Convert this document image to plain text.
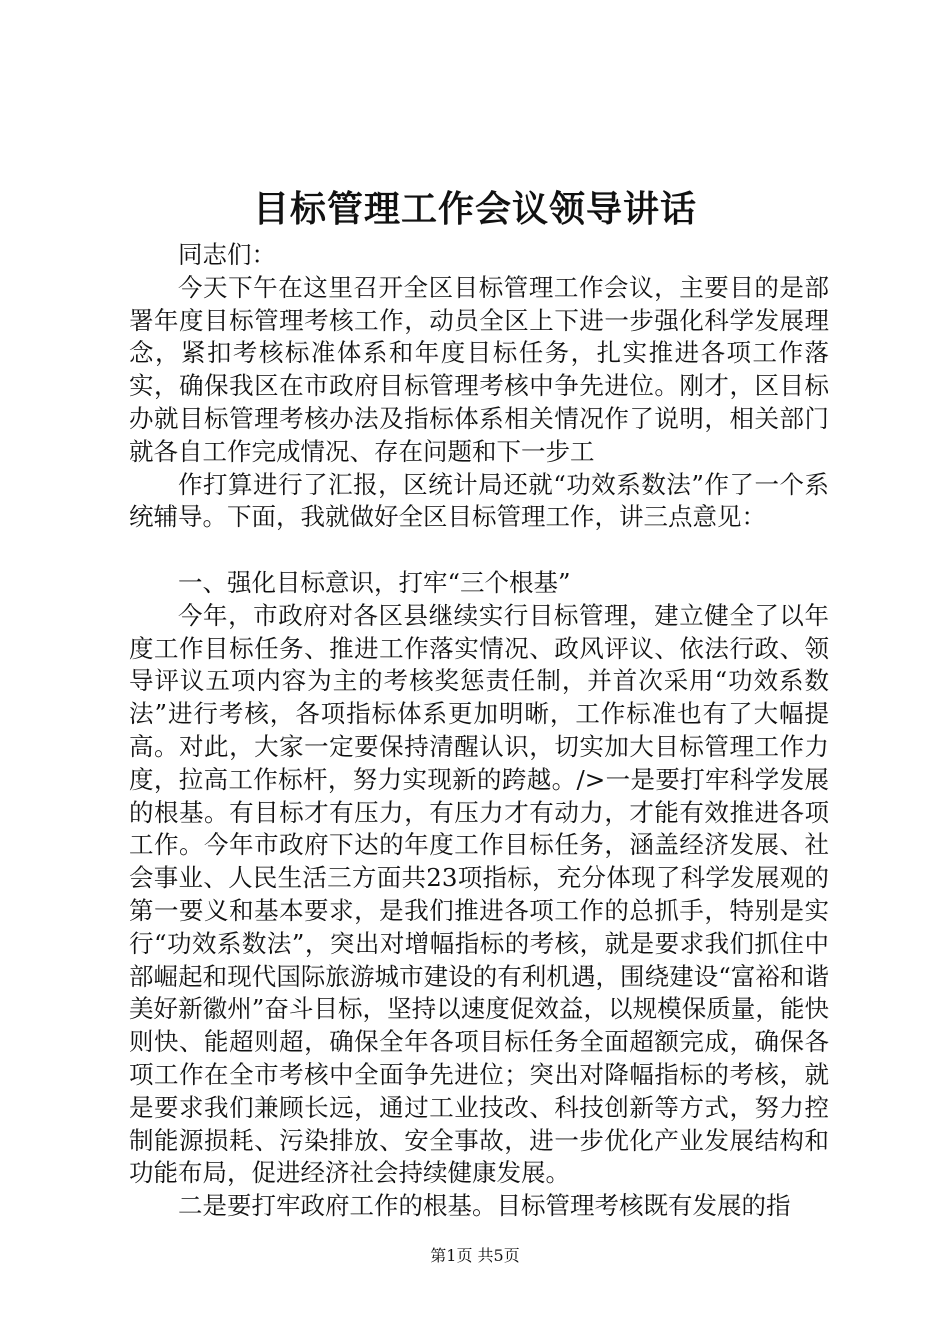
目标管理工作会议领导讲话

同志们：

今天下午在这里召开全区目标管理工作会议，主要目的是部署年度目标管理考核工作，动员全区上下进一步强化科学发展理念，紧扣考核标准体系和年度目标任务，扎实推进各项工作落实，确保我区在市政府目标管理考核中争先进位。刚才，区目标办就目标管理考核办法及指标体系相关情况作了说明，相关部门就各自工作完成情况、存在问题和下一步工

作打算进行了汇报，区统计局还就“功效系数法”作了一个系统辅导。下面，我就做好全区目标管理工作，讲三点意见：

一、强化目标意识，打牢“三个根基”

今年，市政府对各区县继续实行目标管理，建立健全了以年度工作目标任务、推进工作落实情况、政风评议、依法行政、领导评议五项内容为主的考核奖惩责任制，并首次采用“功效系数法”进行考核，各项指标体系更加明晰，工作标准也有了大幅提高。对此，大家一定要保持清醒认识，切实加大目标管理工作力度，拉高工作标杆，努力实现新的跨越。/>一是要打牢科学发展的根基。有目标才有压力，有压力才有动力，才能有效推进各项工作。今年市政府下达的年度工作目标任务，涵盖经济发展、社会事业、人民生活三方面共23项指标，充分体现了科学发展观的第一要义和基本要求，是我们推进各项工作的总抓手，特别是实行“功效系数法”，突出对增幅指标的考核，就是要求我们抓住中部崛起和现代国际旅游城市建设的有利机遇，围绕建设“富裕和谐美好新徽州”奋斗目标，坚持以速度促效益，以规模保质量，能快则快、能超则超，确保全年各项目标任务全面超额完成，确保各项工作在全市考核中全面争先进位；突出对降幅指标的考核，就是要求我们兼顾长远，通过工业技改、科技创新等方式，努力控制能源损耗、污染排放、安全事故，进一步优化产业发展结构和功能布局，促进经济社会持续健康发展。

二是要打牢政府工作的根基。目标管理考核既有发展的指

第1页 共5页
